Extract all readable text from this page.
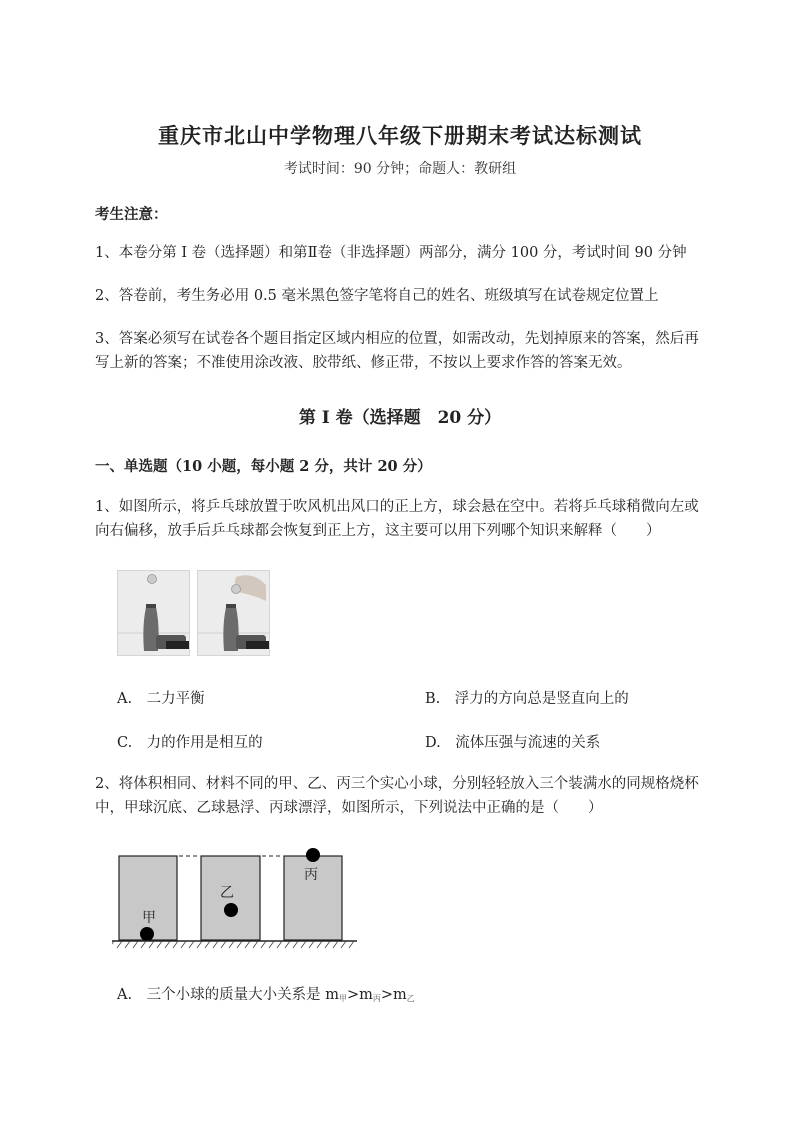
重庆市北山中学物理八年级下册期末考试达标测试
考试时间：90 分钟；命题人：教研组
考生注意：
1、本卷分第 I 卷（选择题）和第Ⅱ卷（非选择题）两部分，满分 100 分，考试时间 90 分钟
2、答卷前，考生务必用 0.5 毫米黑色签字笔将自己的姓名、班级填写在试卷规定位置上
3、答案必须写在试卷各个题目指定区域内相应的位置，如需改动，先划掉原来的答案，然后再写上新的答案；不准使用涂改液、胶带纸、修正带，不按以上要求作答的答案无效。
第 I 卷（选择题　20 分）
一、单选题（10 小题，每小题 2 分，共计 20 分）
1、如图所示，将乒乓球放置于吹风机出风口的正上方，球会悬在空中。若将乒乓球稍微向左或向右偏移，放手后乒乓球都会恢复到正上方，这主要可以用下列哪个知识来解释（　　）
A.　二力平衡	B.　浮力的方向总是竖直向上的
C.　力的作用是相互的	D.　流体压强与流速的关系
2、将体积相同、材料不同的甲、乙、丙三个实心小球，分别轻轻放入三个装满水的同规格烧杯中，甲球沉底、乙球悬浮、丙球漂浮，如图所示，下列说法中正确的是（　　）
甲
乙
丙
A.　三个小球的质量大小关系是 $m_甲>m_丙>m_乙$
